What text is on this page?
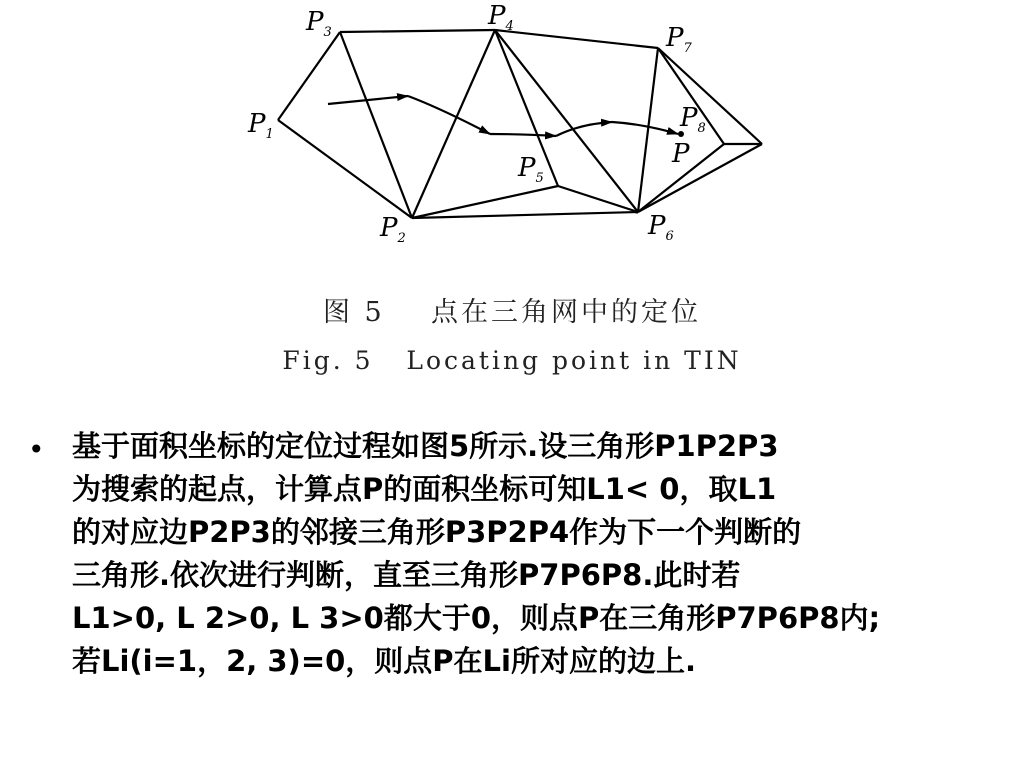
$P_1$
$P_3$
$P_4$	$P_7$
$P_8$
P
$P_5$
$P_2$	$P_6$
图 5    点在三角网中的定位
Fig. 5   Locating point in TIN
• 基于面积坐标的定位过程如图5所示.设三角形P1P2P3
为搜索的起点，计算点P的面积坐标可知L1< 0，取L1
的对应边P2P3的邻接三角形P3P2P4作为下一个判断的
三角形.依次进行判断，直至三角形P7P6P8.此时若
L1>0, L 2>0, L 3>0都大于0，则点P在三角形P7P6P8内;
若Li(i=1，2, 3)=0，则点P在Li所对应的边上.
